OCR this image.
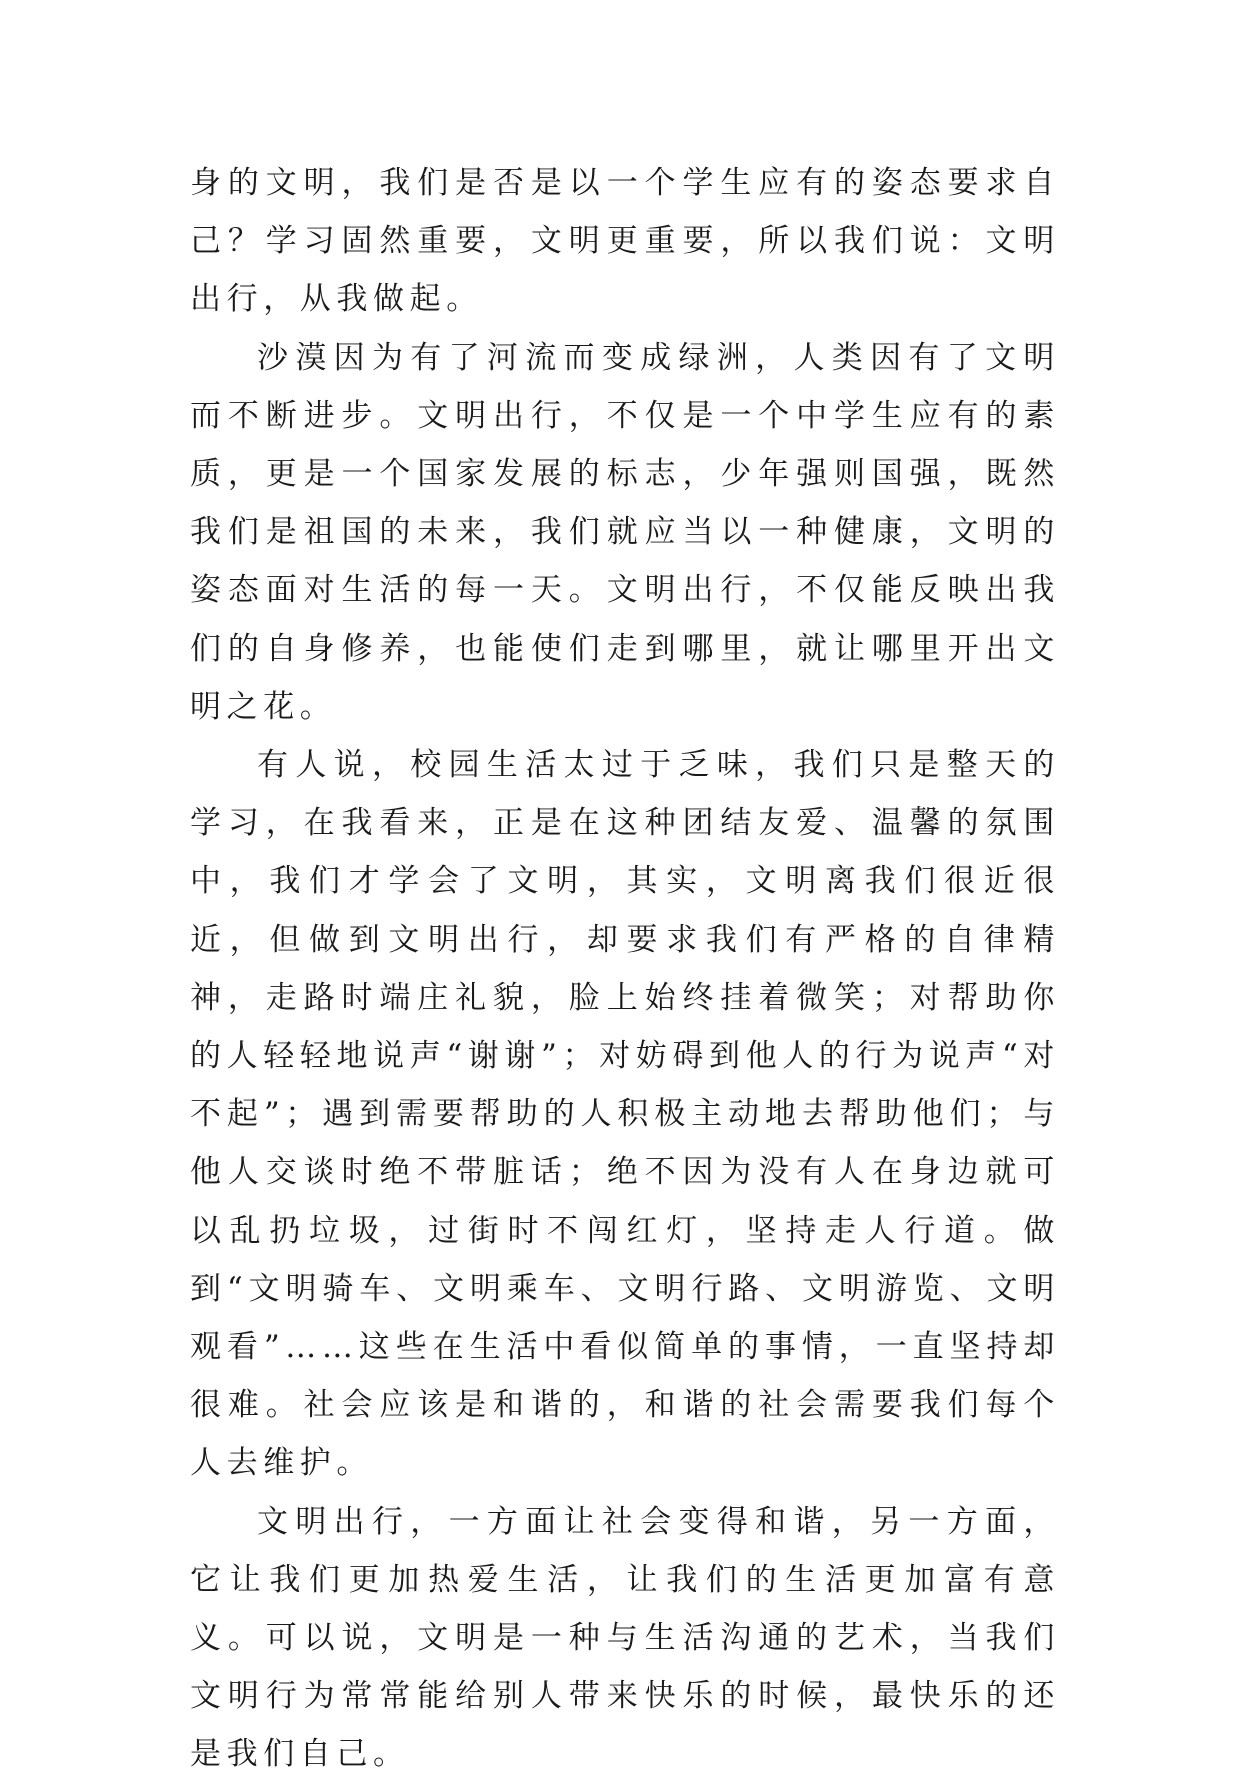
身的文明，我们是否是以一个学生应有的姿态要求自己？学习固然重要，文明更重要，所以我们说：文明出行，从我做起。

沙漠因为有了河流而变成绿洲，人类因有了文明而不断进步。文明出行，不仅是一个中学生应有的素质，更是一个国家发展的标志，少年强则国强，既然我们是祖国的未来，我们就应当以一种健康，文明的姿态面对生活的每一天。文明出行，不仅能反映出我们的自身修养，也能使们走到哪里，就让哪里开出文明之花。

有人说，校园生活太过于乏味，我们只是整天的学习，在我看来，正是在这种团结友爱、温馨的氛围中，我们才学会了文明，其实，文明离我们很近很近，但做到文明出行，却要求我们有严格的自律精神，走路时端庄礼貌，脸上始终挂着微笑；对帮助你的人轻轻地说声“谢谢”；对妨碍到他人的行为说声“对不起”；遇到需要帮助的人积极主动地去帮助他们；与他人交谈时绝不带脏话；绝不因为没有人在身边就可以乱扔垃圾，过街时不闯红灯，坚持走人行道。做到“文明骑车、文明乘车、文明行路、文明游览、文明观看”……这些在生活中看似简单的事情，一直坚持却很难。社会应该是和谐的，和谐的社会需要我们每个人去维护。

文明出行，一方面让社会变得和谐，另一方面，它让我们更加热爱生活，让我们的生活更加富有意义。可以说，文明是一种与生活沟通的艺术，当我们文明行为常常能给别人带来快乐的时候，最快乐的还是我们自己。
